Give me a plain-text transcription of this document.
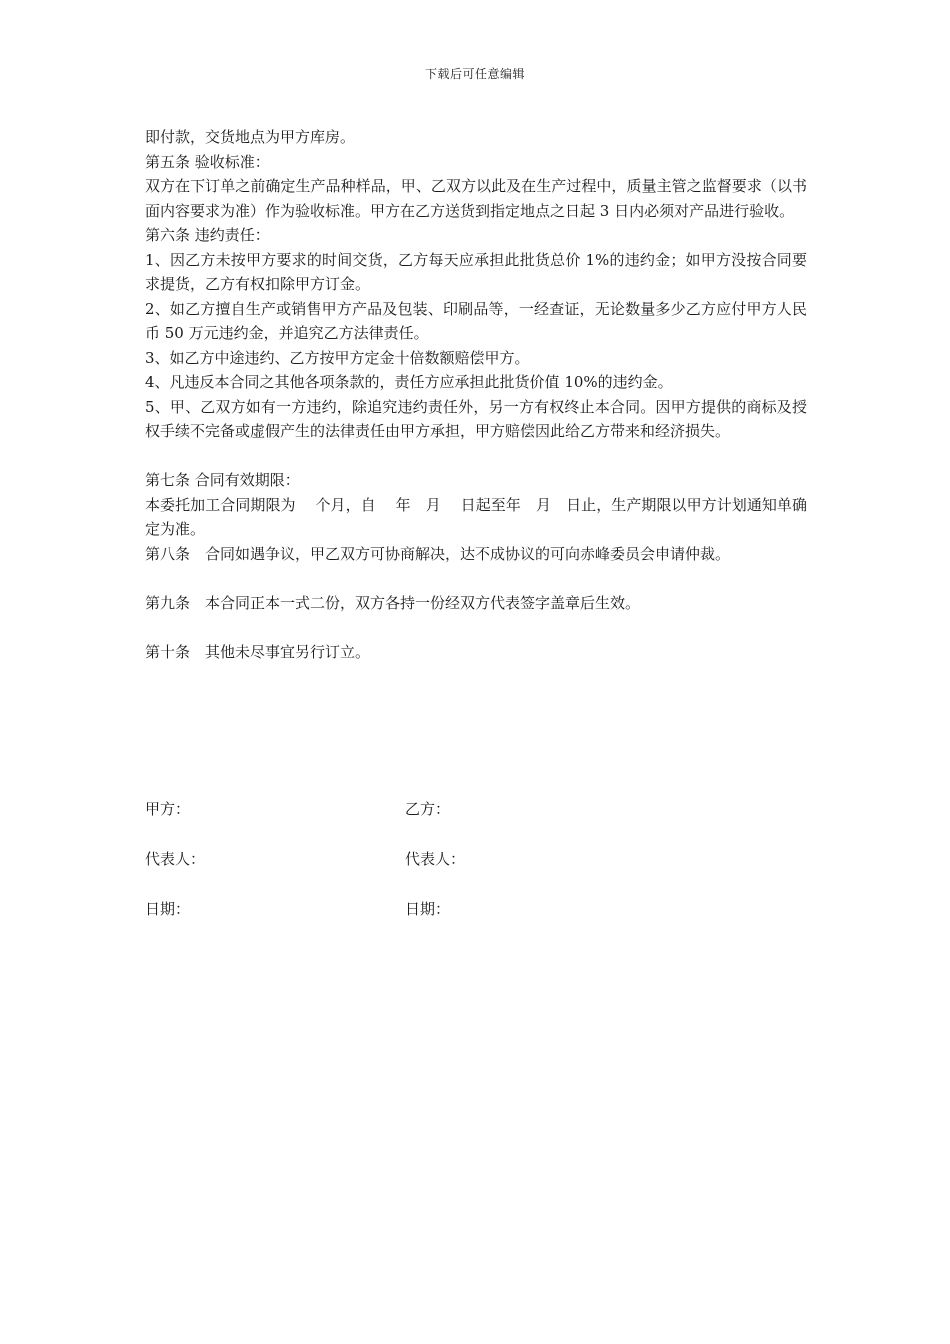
下载后可任意编辑

即付款，交货地点为甲方库房。

第五条 验收标准：

双方在下订单之前确定生产品种样品，甲、乙双方以此及在生产过程中，质量主管之监督要求（以书面内容要求为准）作为验收标准。甲方在乙方送货到指定地点之日起 3 日内必须对产品进行验收。

第六条 违约责任：

1、因乙方未按甲方要求的时间交货，乙方每天应承担此批货总价 1%的违约金；如甲方没按合同要求提货，乙方有权扣除甲方订金。

2、如乙方擅自生产或销售甲方产品及包装、印刷品等，一经查证，无论数量多少乙方应付甲方人民币 50 万元违约金，并追究乙方法律责任。

3、如乙方中途违约、乙方按甲方定金十倍数额赔偿甲方。

4、凡违反本合同之其他各项条款的，责任方应承担此批货价值 10%的违约金。

5、甲、乙双方如有一方违约，除追究违约责任外，另一方有权终止本合同。因甲方提供的商标及授权手续不完备或虚假产生的法律责任由甲方承担，甲方赔偿因此给乙方带来和经济损失。

第七条 合同有效期限：

本委托加工合同期限为　 个月，自　 年　月　 日起至年　月　日止，生产期限以甲方计划通知单确定为准。

第八条　合同如遇争议，甲乙双方可协商解决，达不成协议的可向赤峰委员会申请仲裁。

第九条　本合同正本一式二份，双方各持一份经双方代表签字盖章后生效。

第十条　其他未尽事宜另行订立。

甲方：	乙方：
代表人：	代表人：
日期：	日期：
